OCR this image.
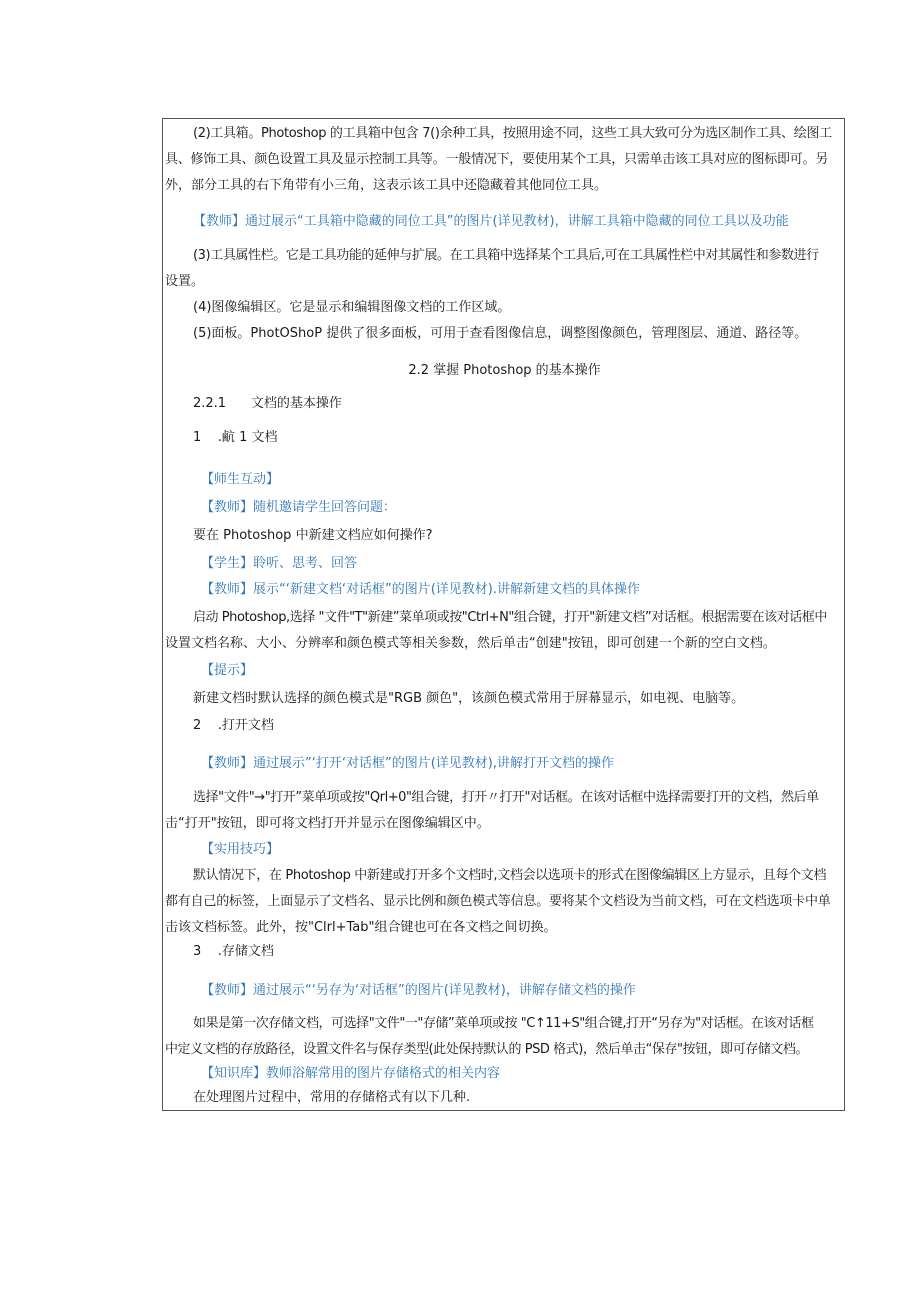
(2)工具箱。Photoshop 的工具箱中包含 7()余种工具，按照用途不同，这些工具大致可分为选区制作工具、绘图工
具、修饰工具、颜色设置工具及显示控制工具等。一般情况下，要使用某个工具，只需单击该工具对应的图标即可。另
外，部分工具的右下角带有小三角，这表示该工具中还隐藏着其他同位工具。
【教师】通过展示“工具箱中隐藏的同位工具”的图片(详见教材)，讲解工具箱中隐藏的同位工具以及功能
(3)工具属性栏。它是工具功能的延伸与扩展。在工具箱中选择某个工具后,可在工具属性栏中对其属性和参数进行
设置。
(4)图像编辑区。它是显示和编辑图像文档的工作区域。
(5)面板。PhotOShoP 提供了很多面板，可用于查看图像信息，调整图像颜色，管理图层、通道、路径等。
2.2 掌握 Photoshop 的基本操作
2.2.1      文档的基本操作
1    .䴚 1 文档
【师生互动】
【教师】随机邀请学生回答问题：
要在 Photoshop 中新建文档应如何操作?
【学生】聆听、思考、回答
【教师】展示“‘新建文档‘对话框”的图片(详见教材).讲解新建文档的具体操作
启动 Photoshop,选择 "文件"T"新建”菜单项或按"Ctrl+N"组合键，打开"新建文档”对话框。根据需要在该对话框中
设置文档名称、大小、分辨率和颜色模式等相关参数，然后单击“创建"按钮，即可创建一个新的空白文档。
【提示】
新建文档时默认选择的颜色模式是"RGB 颜色"，该颜色模式常用于屏幕显示，如电视、电脑等。
2    .打开文档
【教师】通过展示”‘打开‘对话框”的图片(详见教材),讲解打开文档的操作
选择"文件"→"打开”菜单项或按"Qrl+0"组合键，打开〃打开"对话框。在该对话框中选择需要打开的文档，然后单
击“打开"按钮，即可将文档打开并显示在图像编辑区中。
【实用技巧】
默认情况下，在 Photoshop 中新建或打开多个文档时,文档会以选项卡的形式在图像编辑区上方显示，且每个文档
都有自己的标签，上面显示了文档名、显示比例和颜色模式等信息。要将某个文档设为当前文档，可在文档选项卡中单
击该文档标签。此外，按"Clrl+Tab"组合键也可在各文档之间切换。
3    .存储文档
【教师】通过展示“‘另存为‘对话框”的图片(详见教材)，讲解存储文档的操作
如果是第一次存储文档，可选择"文件"一"存储”菜单项或按 "C↑11+S"组合键,打开“另存为"对话框。在该对话框
中定义文档的存放路径，设置文件名与保存类型(此处保持默认的 PSD 格式)，然后单击“保存"按钮，即可存储文档。
【知识库】教师浴解常用的图片存储格式的相关内容
在处理图片过程中，常用的存储格式有以下几种.
